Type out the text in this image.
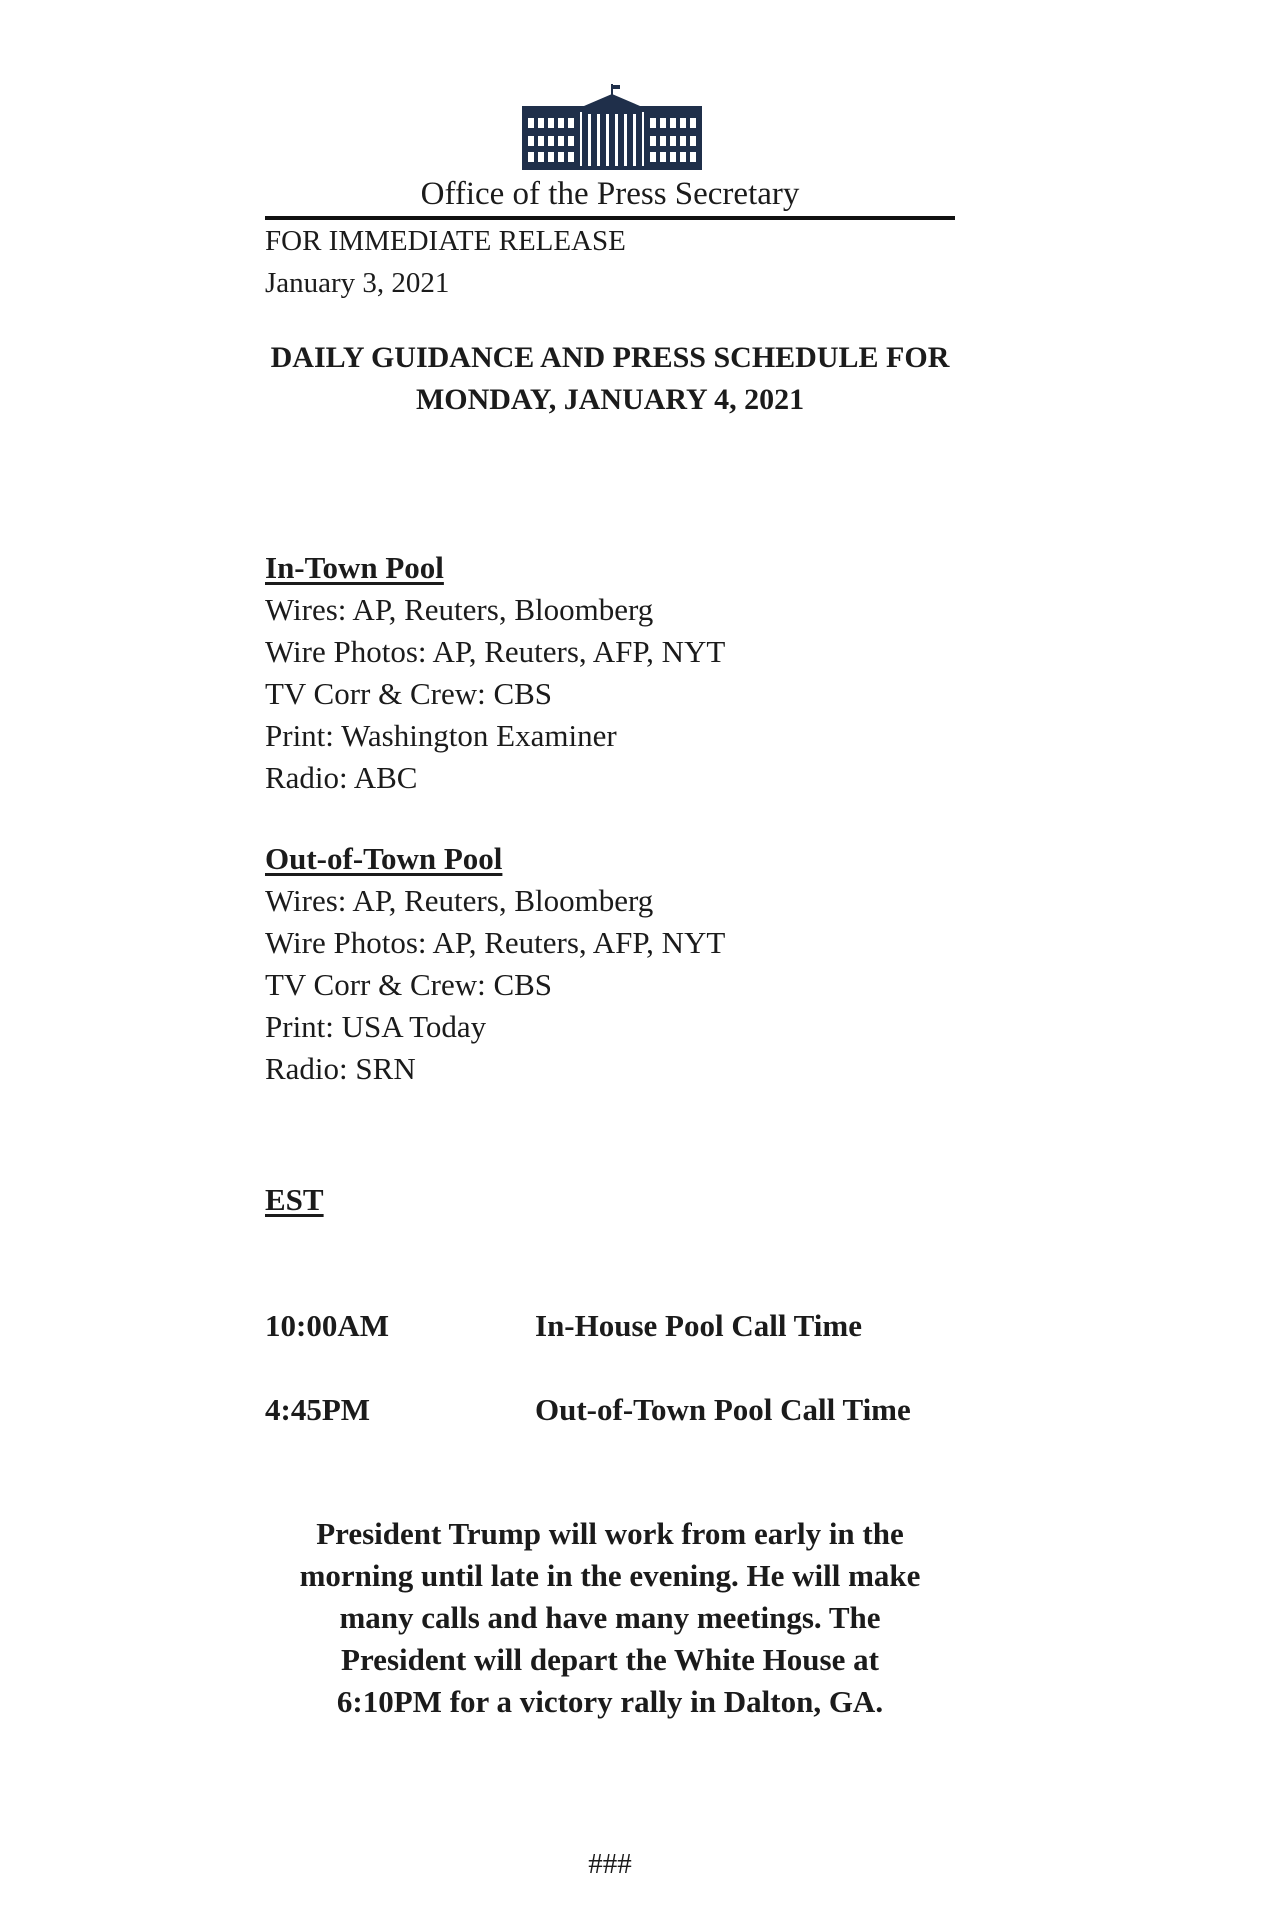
Office of the Press Secretary
FOR IMMEDIATE RELEASE
January 3, 2021
DAILY GUIDANCE AND PRESS SCHEDULE FOR
MONDAY, JANUARY 4, 2021
In-Town Pool
Wires: AP, Reuters, Bloomberg
Wire Photos: AP, Reuters, AFP, NYT
TV Corr & Crew: CBS
Print: Washington Examiner
Radio: ABC
Out-of-Town Pool
Wires: AP, Reuters, Bloomberg
Wire Photos: AP, Reuters, AFP, NYT
TV Corr & Crew: CBS
Print: USA Today
Radio: SRN
EST
10:00AM	In-House Pool Call Time
4:45PM	Out-of-Town Pool Call Time
President Trump will work from early in the
morning until late in the evening. He will make
many calls and have many meetings. The
President will depart the White House at
6:10PM for a victory rally in Dalton, GA.
###
